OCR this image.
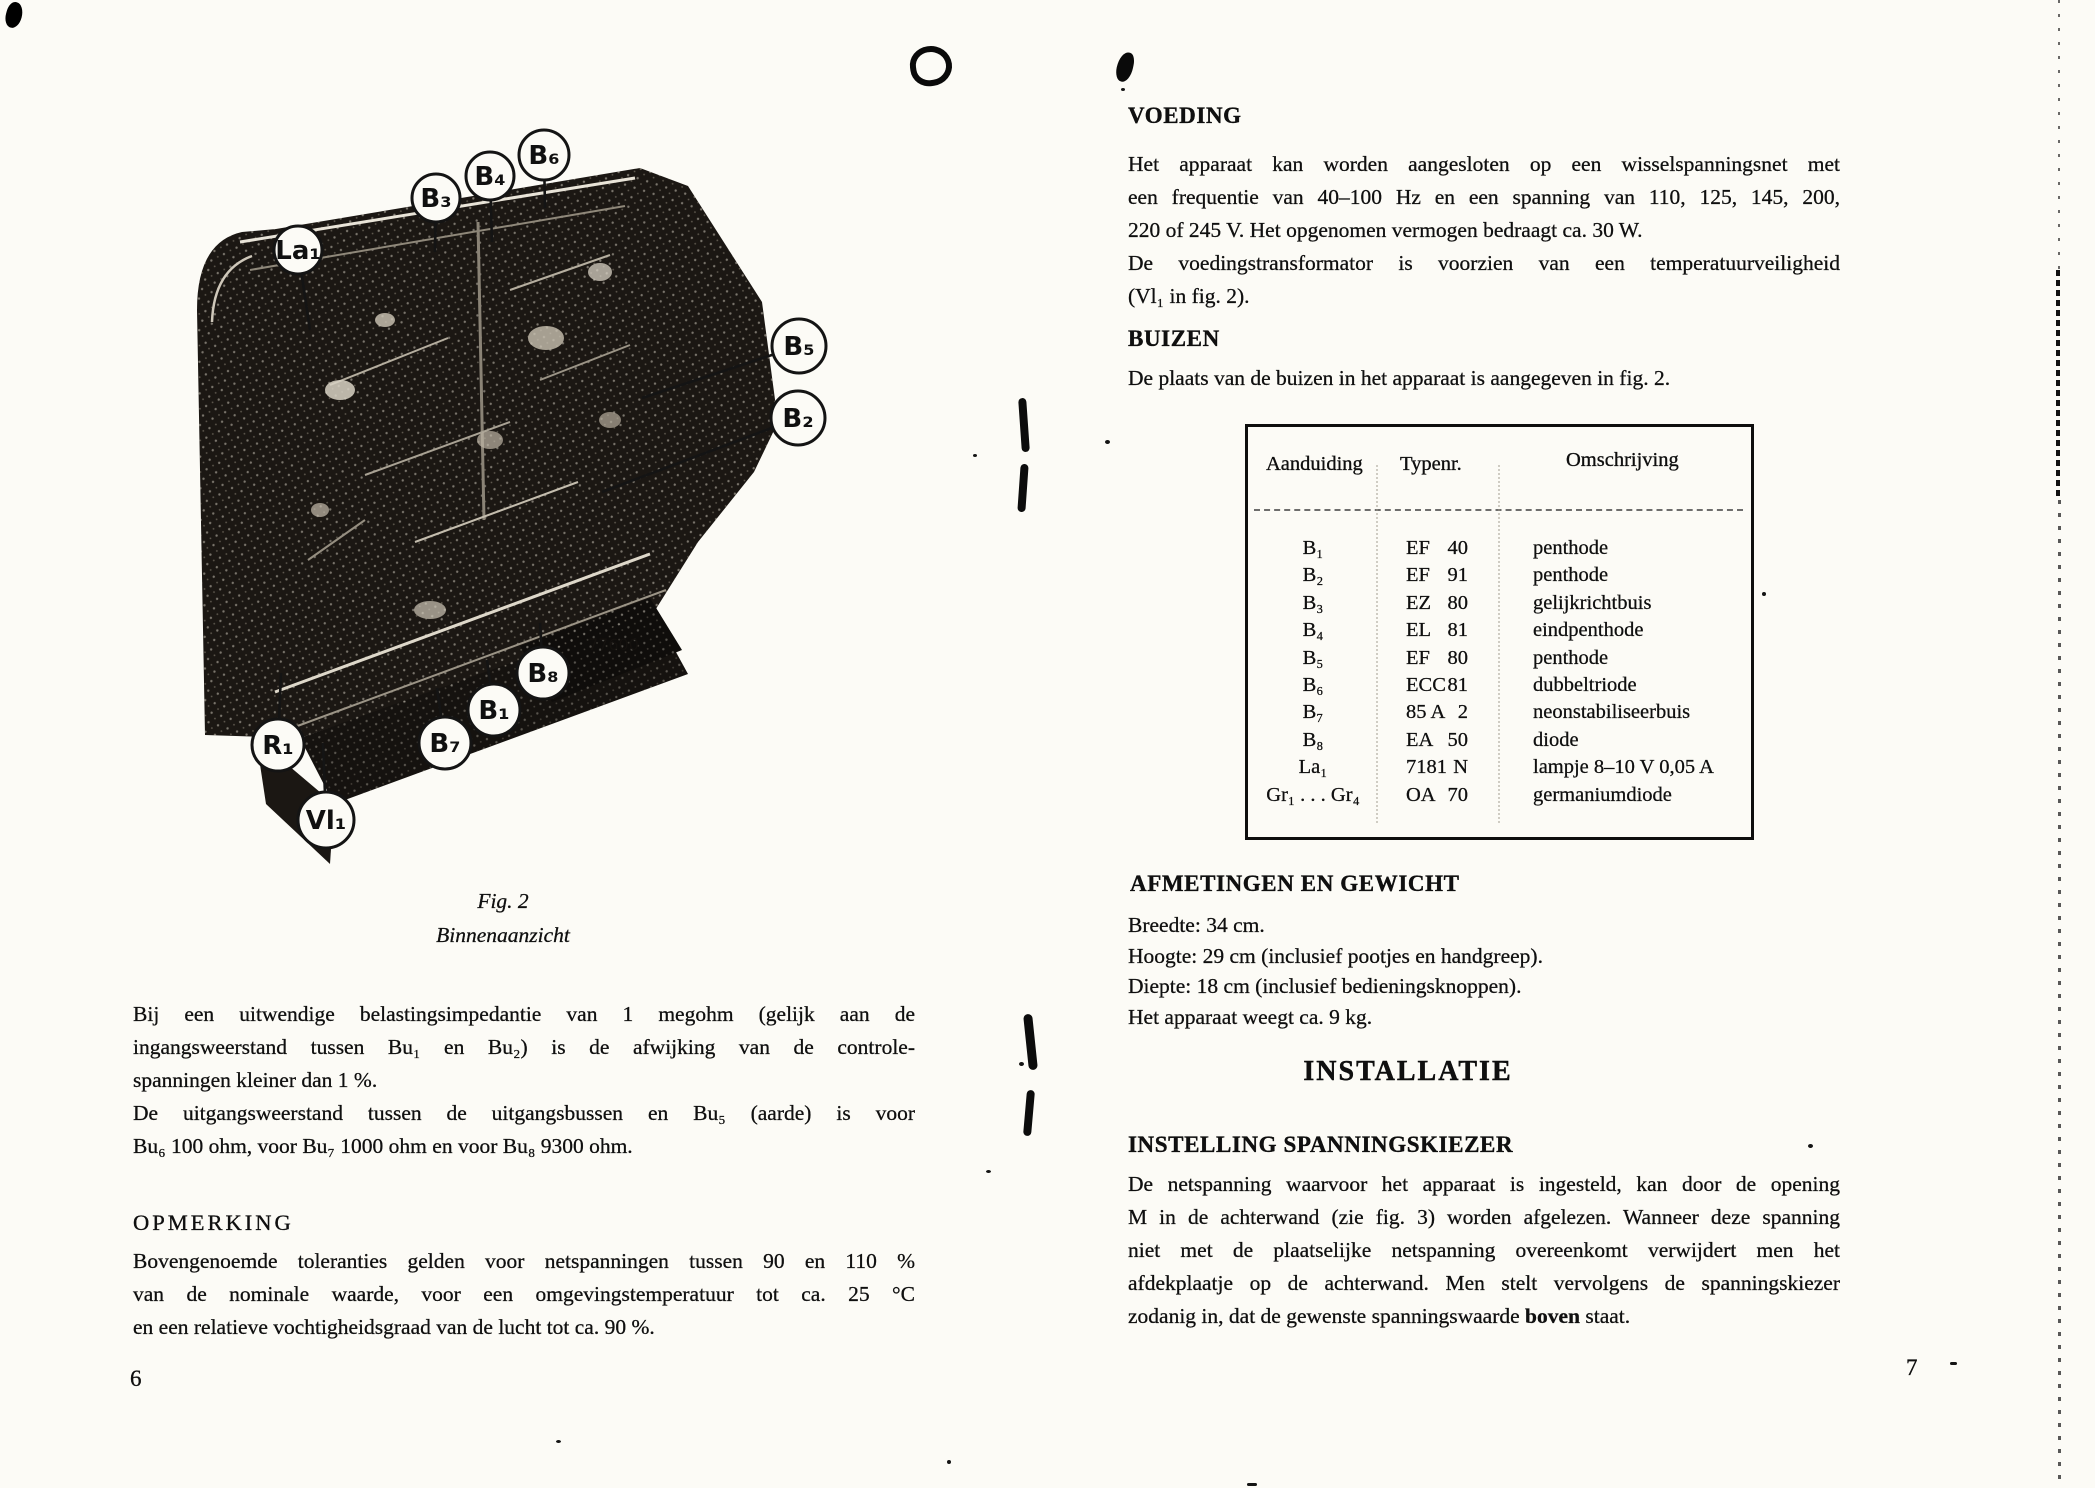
77600
La₁
B₃
B₄
B₆
B₅
B₂
B₈
B₁
B₇
R₁
Vl₁
Fig. 2
Binnenaanzicht
Bij een uitwendige belastingsimpedantie van 1 megohm (gelijk aan de
ingangsweerstand tussen Bu₁ en Bu₂) is de afwijking van de controle-
spanningen kleiner dan 1 %.
De uitgangsweerstand tussen de uitgangsbussen en Bu₅ (aarde) is voor
Bu₆ 100 ohm, voor Bu₇ 1000 ohm en voor Bu₈ 9300 ohm.
OPMERKING
Bovengenoemde toleranties gelden voor netspanningen tussen 90 en 110 %
van de nominale waarde, voor een omgevingstemperatuur tot ca. 25 °C
en een relatieve vochtigheidsgraad van de lucht tot ca. 90 %.
6
VOEDING
Het apparaat kan worden aangesloten op een wisselspanningsnet met
een frequentie van 40–100 Hz en een spanning van 110, 125, 145, 200,
220 of 245 V. Het opgenomen vermogen bedraagt ca. 30 W.
De voedingstransformator is voorzien van een temperatuurveiligheid
(Vl₁ in fig. 2).
BUIZEN
De plaats van de buizen in het apparaat is aangegeven in fig. 2.
Aanduiding Typenr.	Omschrijving
B₁	EF 40	penthode
B₂	EF 91	penthode
B₃	EZ 80	gelijkrichtbuis
B₄	EL 81	eindpenthode
B₅	EF 80	penthode
B₆	ECC 81	dubbeltriode
B₇	85 A 2	neonstabiliseerbuis
B₈	EA 50	diode
La₁	7181 N	lampje 8–10 V 0,05 A
Gr₁ . . . Gr₄	OA 70	germaniumdiode
AFMETINGEN EN GEWICHT
Breedte: 34 cm.
Hoogte: 29 cm (inclusief pootjes en handgreep).
Diepte: 18 cm (inclusief bedieningsknoppen).
Het apparaat weegt ca. 9 kg.
INSTALLATIE
INSTELLING SPANNINGSKIEZER
De netspanning waarvoor het apparaat is ingesteld, kan door de opening
M in de achterwand (zie fig. 3) worden afgelezen. Wanneer deze spanning
niet met de plaatselijke netspanning overeenkomt verwijdert men het
afdekplaatje op de achterwand. Men stelt vervolgens de spanningskiezer
zodanig in, dat de gewenste spanningswaarde boven staat.
7
